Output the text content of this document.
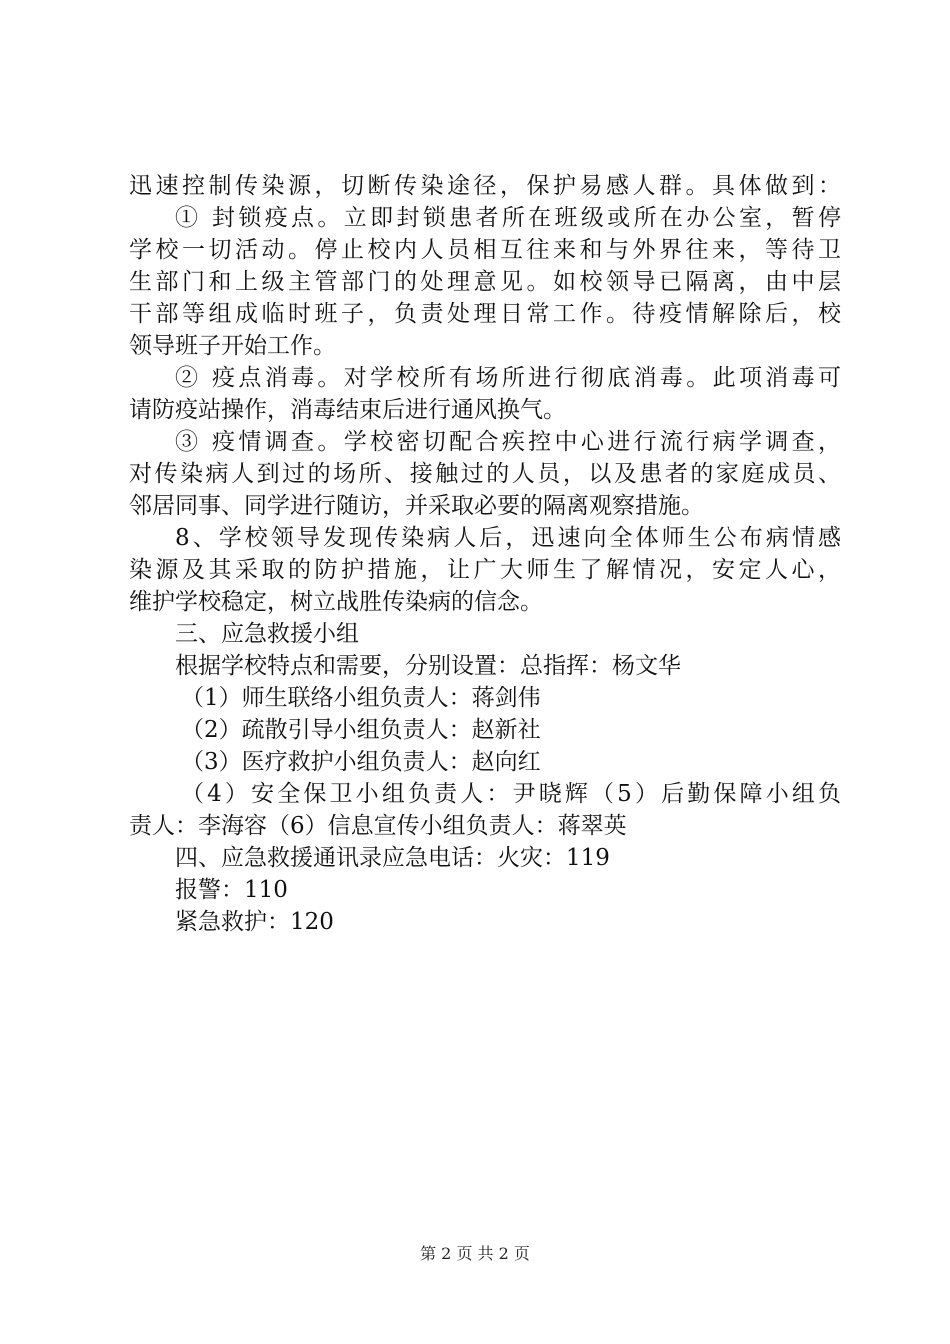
迅速控制传染源，切断传染途径，保护易感人群。具体做到：
① 封锁疫点。立即封锁患者所在班级或所在办公室，暂停
学校一切活动。停止校内人员相互往来和与外界往来，等待卫
生部门和上级主管部门的处理意见。如校领导已隔离，由中层
干部等组成临时班子，负责处理日常工作。待疫情解除后，校
领导班子开始工作。
② 疫点消毒。对学校所有场所进行彻底消毒。此项消毒可
请防疫站操作，消毒结束后进行通风换气。
③ 疫情调查。学校密切配合疾控中心进行流行病学调查，
对传染病人到过的场所、接触过的人员，以及患者的家庭成员、
邻居同事、同学进行随访，并采取必要的隔离观察措施。
8、学校领导发现传染病人后，迅速向全体师生公布病情感
染源及其采取的防护措施，让广大师生了解情况，安定人心，
维护学校稳定，树立战胜传染病的信念。
三、应急救援小组
根据学校特点和需要，分别设置：总指挥：杨文华
（1）师生联络小组负责人：蒋剑伟
（2）疏散引导小组负责人：赵新社
（3）医疗救护小组负责人：赵向红
（4）安全保卫小组负责人：尹晓辉（5）后勤保障小组负
责人：李海容（6）信息宣传小组负责人：蒋翠英
四、应急救援通讯录应急电话：火灾：119
报警：110
紧急救护：120
第 2 页 共 2 页
